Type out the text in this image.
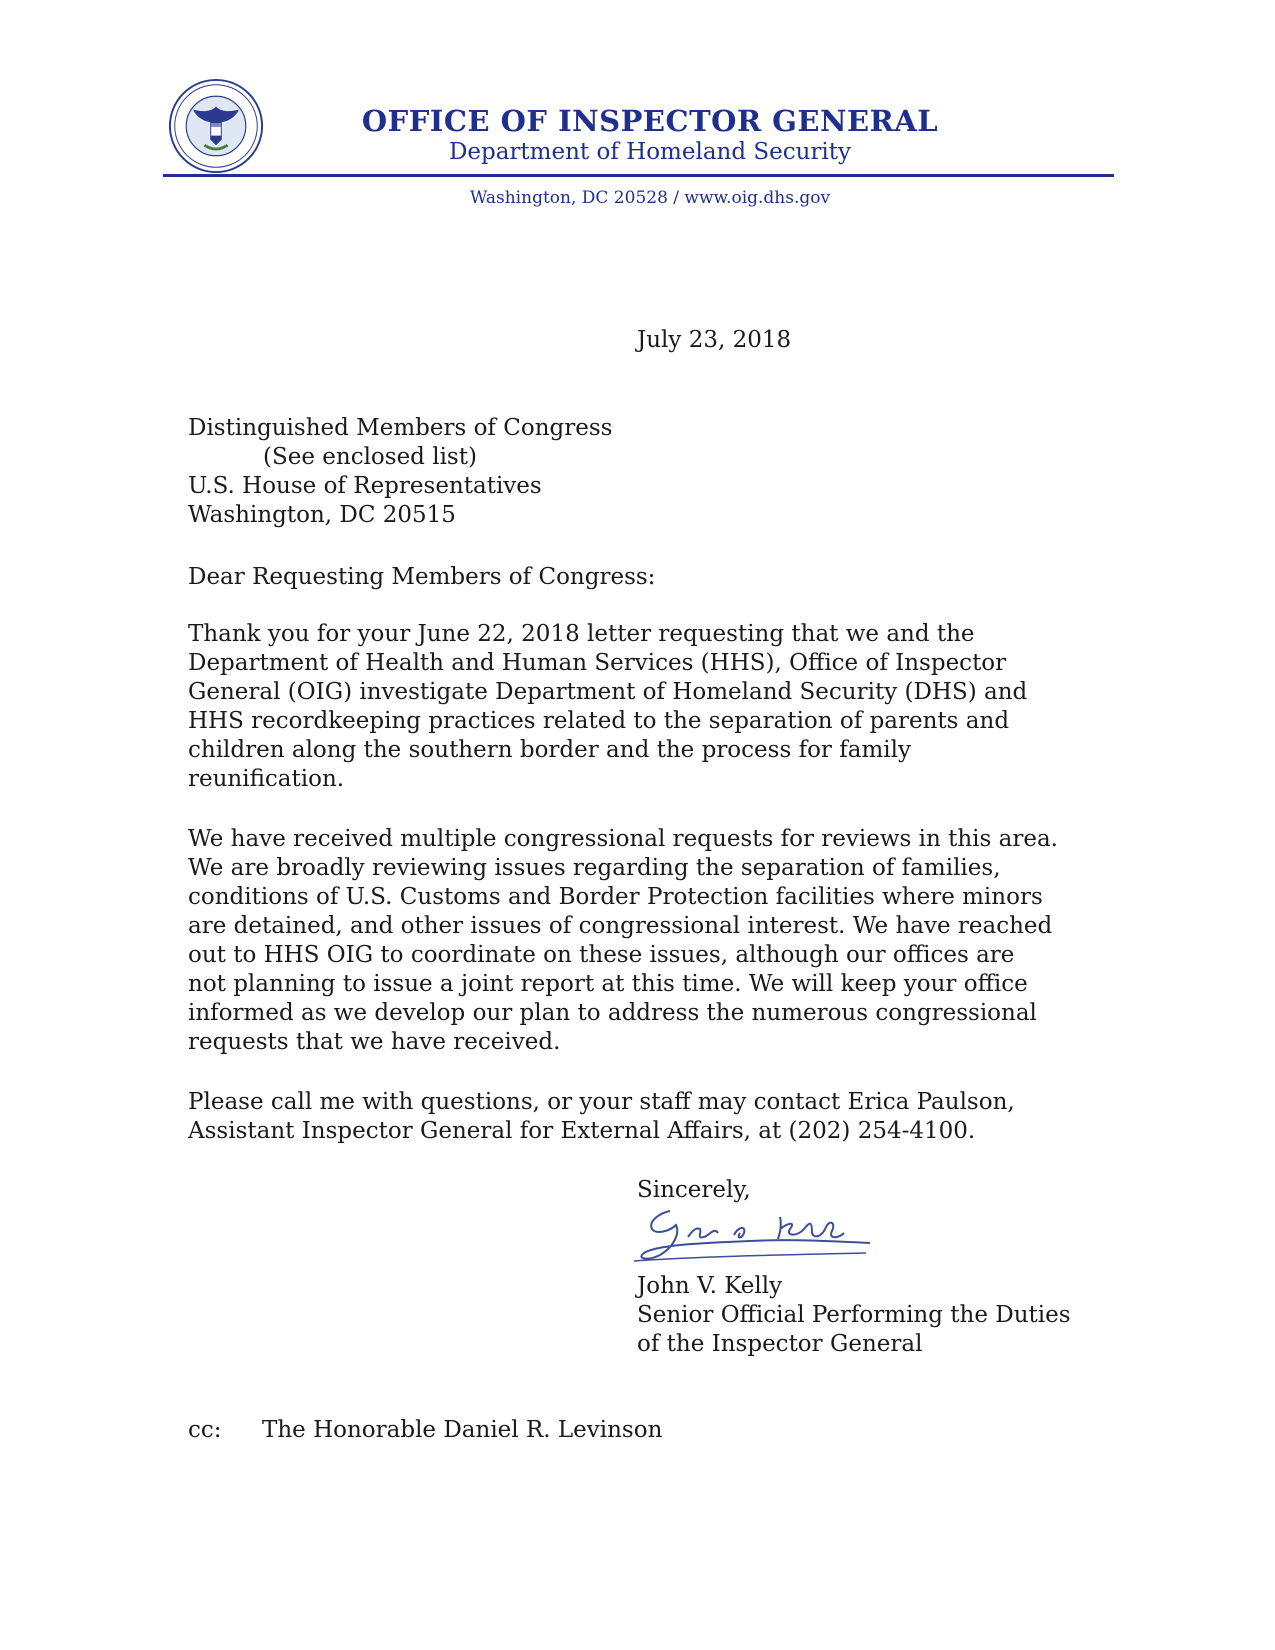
OFFICE OF INSPECTOR GENERAL
Department of Homeland Security
Washington, DC 20528 / www.oig.dhs.gov
July 23, 2018
Distinguished Members of Congress
(See enclosed list)
U.S. House of Representatives
Washington, DC 20515
Dear Requesting Members of Congress:
Thank you for your June 22, 2018 letter requesting that we and the
Department of Health and Human Services (HHS), Office of Inspector
General (OIG) investigate Department of Homeland Security (DHS) and
HHS recordkeeping practices related to the separation of parents and
children along the southern border and the process for family
reunification.
We have received multiple congressional requests for reviews in this area.
We are broadly reviewing issues regarding the separation of families,
conditions of U.S. Customs and Border Protection facilities where minors
are detained, and other issues of congressional interest. We have reached
out to HHS OIG to coordinate on these issues, although our offices are
not planning to issue a joint report at this time. We will keep your office
informed as we develop our plan to address the numerous congressional
requests that we have received.
Please call me with questions, or your staff may contact Erica Paulson,
Assistant Inspector General for External Affairs, at (202) 254-4100.
Sincerely,
John V. Kelly
Senior Official Performing the Duties
of the Inspector General
cc: The Honorable Daniel R. Levinson
